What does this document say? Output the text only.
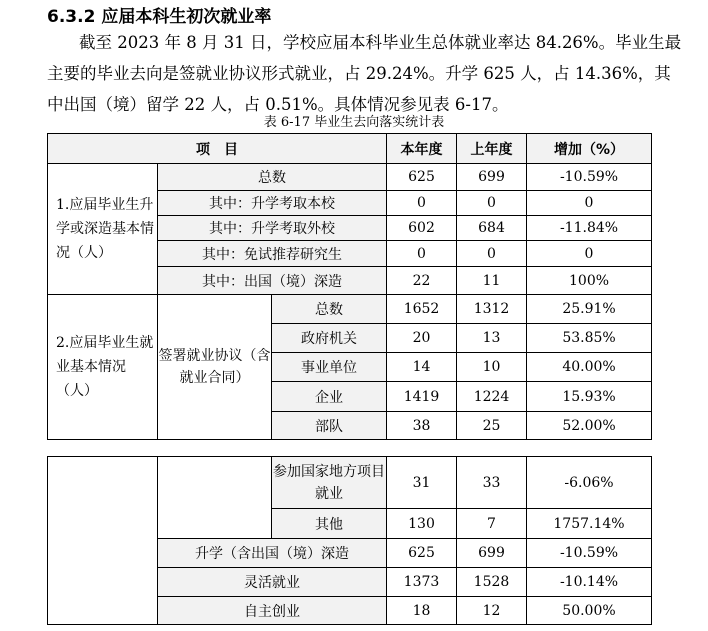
6.3.2 应届本科生初次就业率
截至 2023 年 8 月 31 日，学校应届本科毕业生总体就业率达 84.26%。毕业生最主要的毕业去向是签就业协议形式就业，占 29.24%。升学 625 人，占 14.36%，其中出国（境）留学 22 人，占 0.51%。具体情况参见表 6-17。
表 6-17 毕业生去向落实统计表
项　目			本年度	上年度	增加（%）
1.应届毕业生升学或深造基本情况（人）	总数		625	699	-10.59%
	其中：升学考取本校		0	0	0
	其中：升学考取外校		602	684	-11.84%
	其中：免试推荐研究生		0	0	0
	其中：出国（境）深造		22	11	100%
2.应届毕业生就业基本情况（人）	签署就业协议（含就业合同）	总数	1652	1312	25.91%
		政府机关	20	13	53.85%
		事业单位	14	10	40.00%
		企业	1419	1224	15.93%
		部队	38	25	52.00%
		参加国家地方项目就业	31	33	-6.06%
		其他	130	7	1757.14%
	升学（含出国（境）深造		625	699	-10.59%
	灵活就业		1373	1528	-10.14%
	自主创业		18	12	50.00%
